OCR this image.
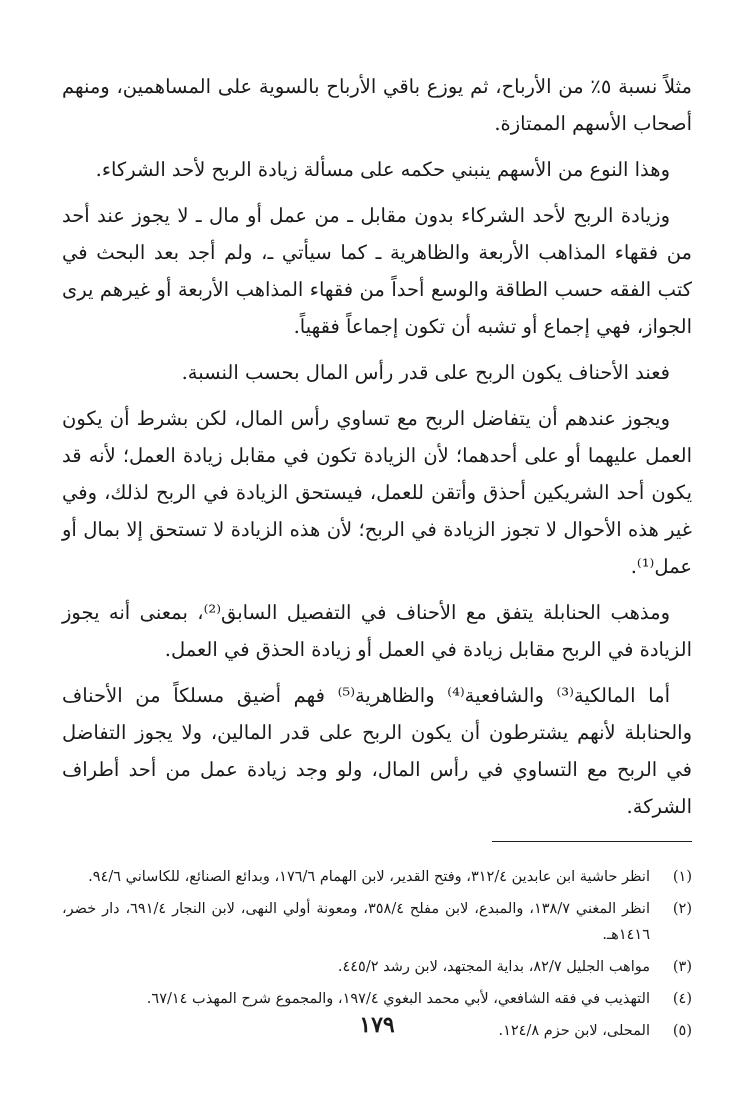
مثلاً نسبة ٥٪ من الأرباح، ثم يوزع باقي الأرباح بالسوية على المساهمين، ومنهم أصحاب الأسهم الممتازة.

وهذا النوع من الأسهم ينبني حكمه على مسألة زيادة الربح لأحد الشركاء.

وزيادة الربح لأحد الشركاء بدون مقابل ـ من عمل أو مال ـ لا يجوز عند أحد من فقهاء المذاهب الأربعة والظاهرية ـ كما سيأتي ـ، ولم أجد بعد البحث في كتب الفقه حسب الطاقة والوسع أحداً من فقهاء المذاهب الأربعة أو غيرهم يرى الجواز، فهي إجماع أو تشبه أن تكون إجماعاً فقهياً.

فعند الأحناف يكون الربح على قدر رأس المال بحسب النسبة.

ويجوز عندهم أن يتفاضل الربح مع تساوي رأس المال، لكن بشرط أن يكون العمل عليهما أو على أحدهما؛ لأن الزيادة تكون في مقابل زيادة العمل؛ لأنه قد يكون أحد الشريكين أحذق وأتقن للعمل، فيستحق الزيادة في الربح لذلك، وفي غير هذه الأحوال لا تجوز الزيادة في الربح؛ لأن هذه الزيادة لا تستحق إلا بمال أو عمل⁽¹⁾.

ومذهب الحنابلة يتفق مع الأحناف في التفصيل السابق⁽²⁾، بمعنى أنه يجوز الزيادة في الربح مقابل زيادة في العمل أو زيادة الحذق في العمل.

أما المالكية⁽³⁾ والشافعية⁽⁴⁾ والظاهرية⁽⁵⁾ فهم أضيق مسلكاً من الأحناف والحنابلة لأنهم يشترطون أن يكون الربح على قدر المالين، ولا يجوز التفاضل في الربح مع التساوي في رأس المال، ولو وجد زيادة عمل من أحد أطراف الشركة.

(١)
انظر حاشية ابن عابدين ٣١٢/٤، وفتح القدير، لابن الهمام ١٧٦/٦، وبدائع الصنائع، للكاساني ٩٤/٦.
(٢)
انظر المغني ١٣٨/٧، والمبدع، لابن مفلح ٣٥٨/٤، ومعونة أولي النهى، لابن النجار ٦٩١/٤، دار خضر، ١٤١٦هـ.
(٣)
مواهب الجليل ٨٢/٧، بداية المجتهد، لابن رشد ٤٤٥/٢.
(٤)
التهذيب في فقه الشافعي، لأبي محمد البغوي ١٩٧/٤، والمجموع شرح المهذب ٦٧/١٤.
(٥)
المحلى، لابن حزم ١٢٤/٨.
١٧٩
